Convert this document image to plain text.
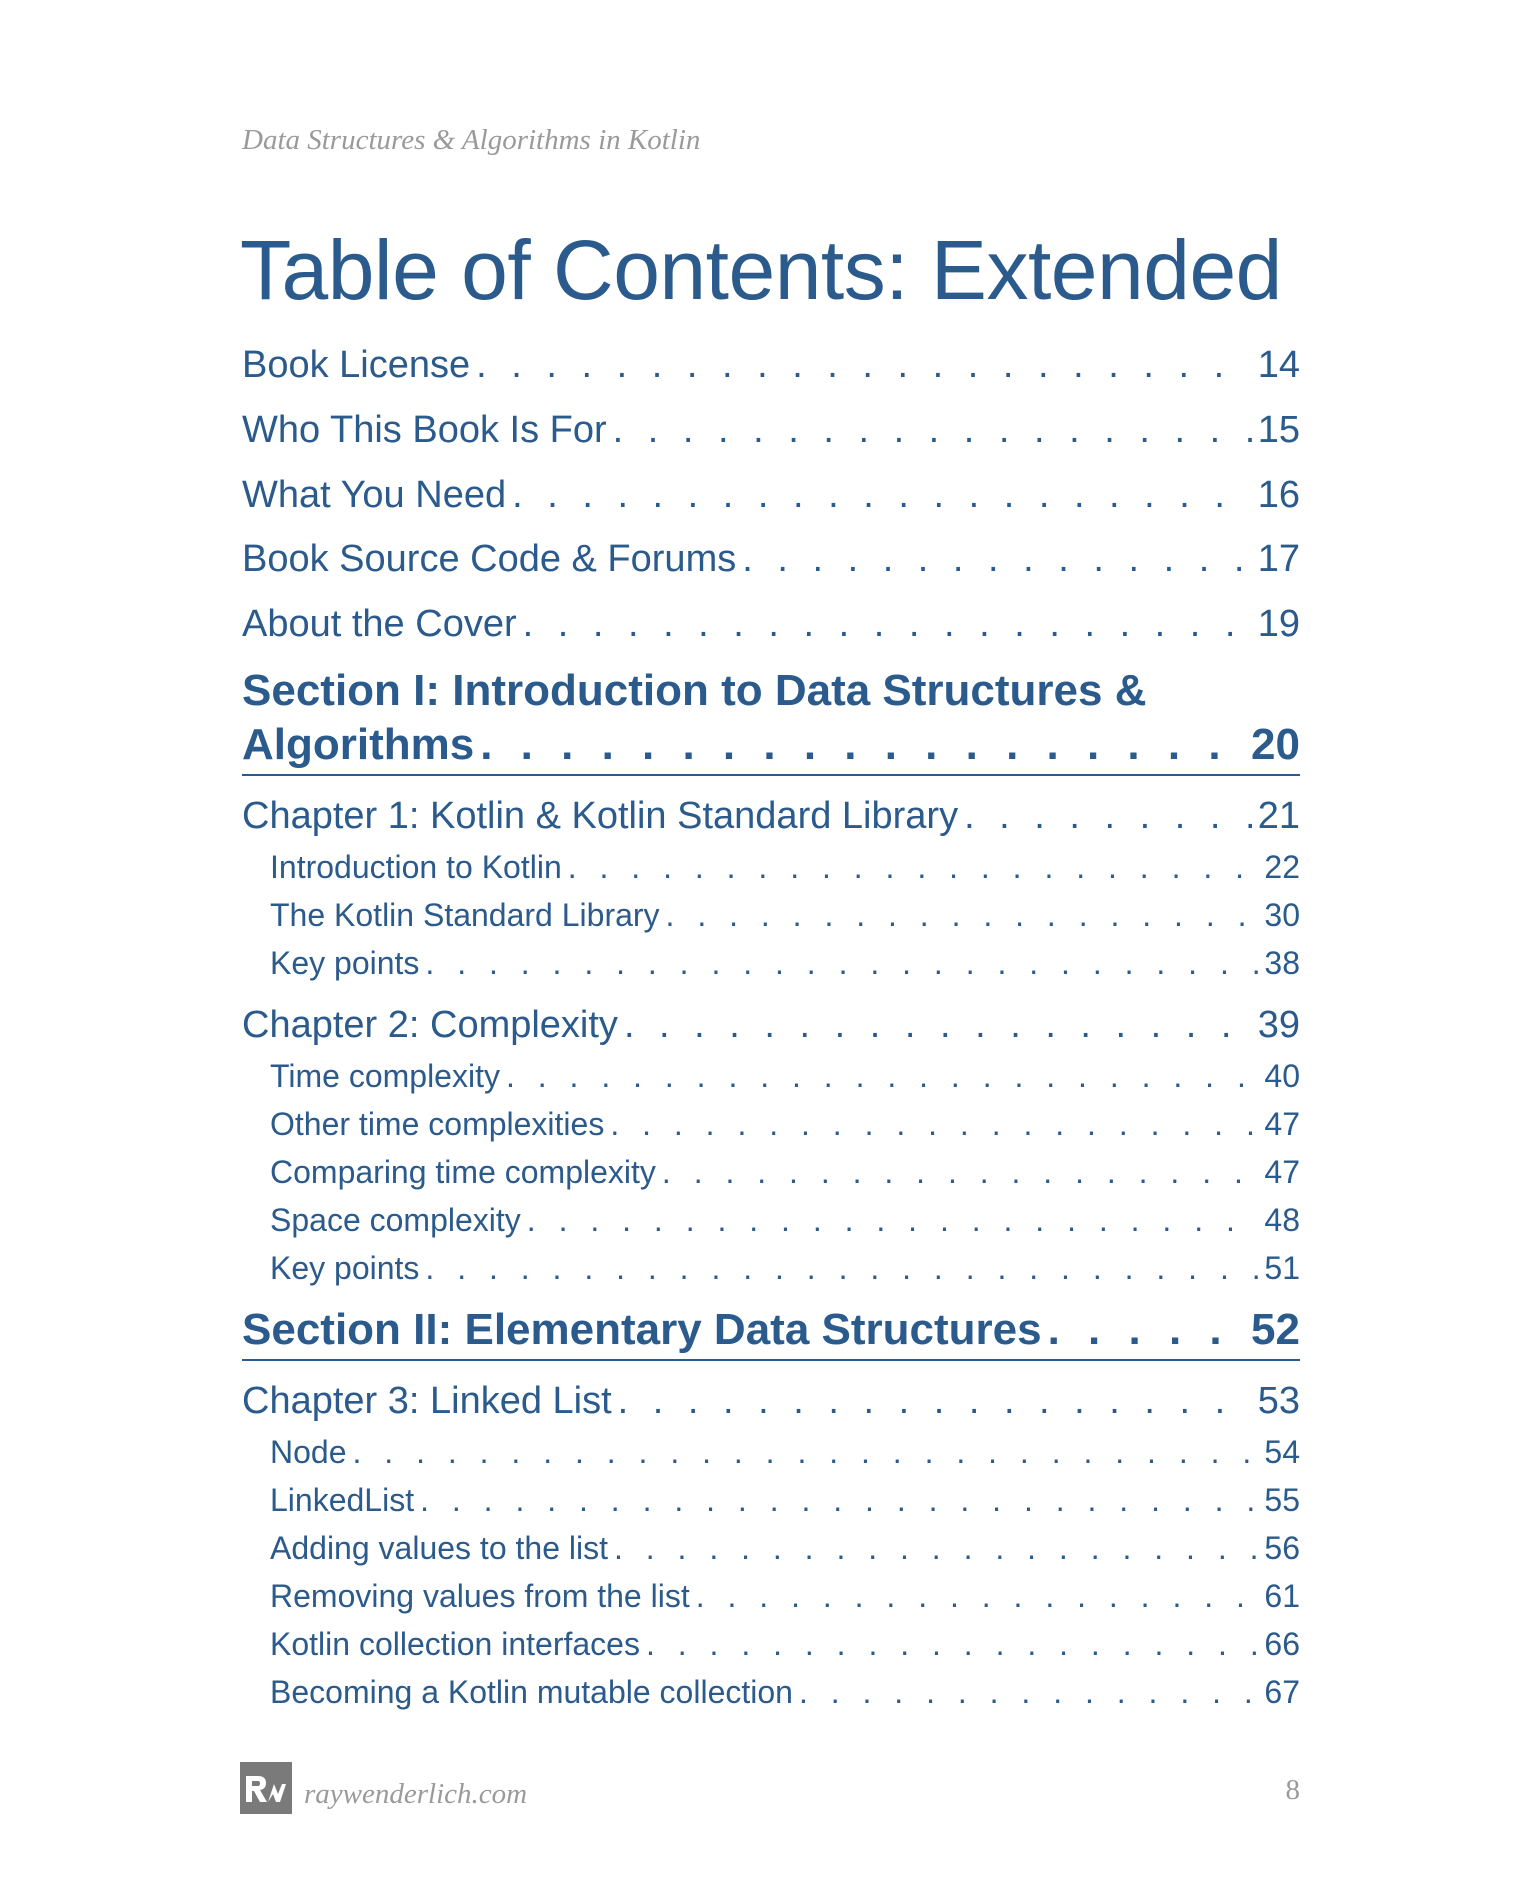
Data Structures & Algorithms in Kotlin
Table of Contents: Extended
Book License . . .	14
Who This Book Is For . . .	15
What You Need . . .	16
Book Source Code & Forums . . .	17
About the Cover . . .	19
Section I: Introduction to Data Structures &
Algorithms . . .	20
Chapter 1: Kotlin & Kotlin Standard Library . . .	21
Introduction to Kotlin . . .	22
The Kotlin Standard Library . . .	30
Key points . . .	38
Chapter 2: Complexity . . .	39
Time complexity . . .	40
Other time complexities . . .	47
Comparing time complexity . . .	47
Space complexity . . .	48
Key points . . .	51
Section II: Elementary Data Structures . . .	52
Chapter 3: Linked List . . .	53
Node . . .	54
LinkedList . . .	55
Adding values to the list . . .	56
Removing values from the list . . .	61
Kotlin collection interfaces . . .	66
Becoming a Kotlin mutable collection . . .	67
raywenderlich.com	8
